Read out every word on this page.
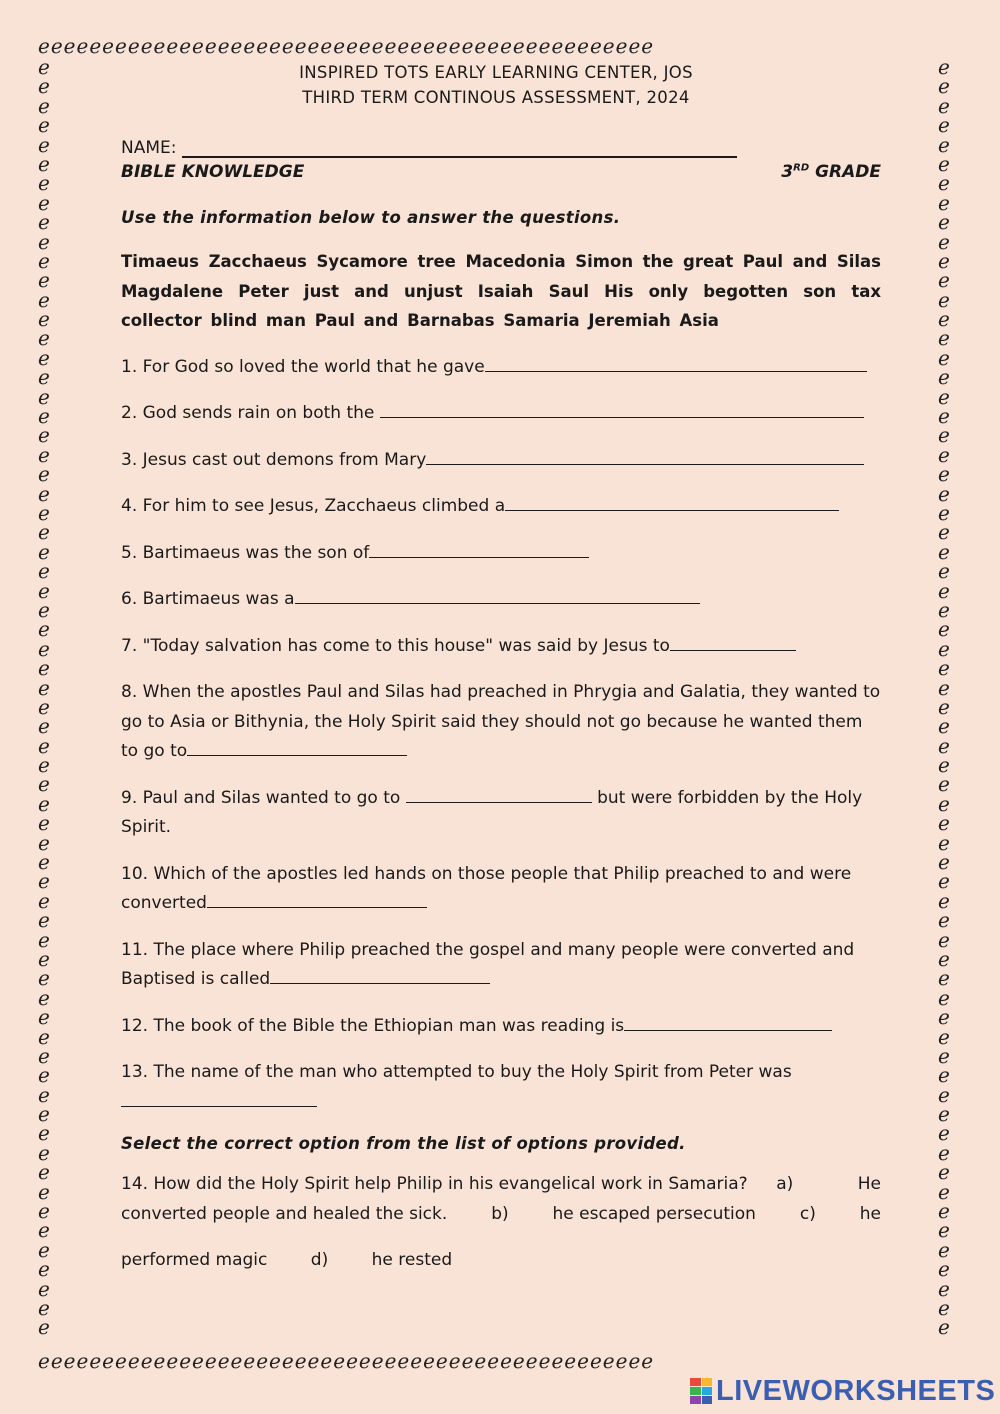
ℯℯℯℯℯℯℯℯℯℯℯℯℯℯℯℯℯℯℯℯℯℯℯℯℯℯℯℯℯℯℯℯℯℯℯℯℯℯℯℯℯℯℯℯℯℯℯℯ
ℯℯℯℯℯℯℯℯℯℯℯℯℯℯℯℯℯℯℯℯℯℯℯℯℯℯℯℯℯℯℯℯℯℯℯℯℯℯℯℯℯℯℯℯℯℯℯℯ
ℯ
ℯ
ℯ
ℯ
ℯ
ℯ
ℯ
ℯ
ℯ
ℯ
ℯ
ℯ
ℯ
ℯ
ℯ
ℯ
ℯ
ℯ
ℯ
ℯ
ℯ
ℯ
ℯ
ℯ
ℯ
ℯ
ℯ
ℯ
ℯ
ℯ
ℯ
ℯ
ℯ
ℯ
ℯ
ℯ
ℯ
ℯ
ℯ
ℯ
ℯ
ℯ
ℯ
ℯ
ℯ
ℯ
ℯ
ℯ
ℯ
ℯ
ℯ
ℯ
ℯ
ℯ
ℯ
ℯ
ℯ
ℯ
ℯ
ℯ
ℯ
ℯ
ℯ
ℯ
ℯ
ℯ
ℯ
ℯ
ℯ
ℯ
ℯ
ℯ
ℯ
ℯ
ℯ
ℯ
ℯ
ℯ
ℯ
ℯ
ℯ
ℯ
ℯ
ℯ
ℯ
ℯ
ℯ
ℯ
ℯ
ℯ
ℯ
ℯ
ℯ
ℯ
ℯ
ℯ
ℯ
ℯ
ℯ
ℯ
ℯ
ℯ
ℯ
ℯ
ℯ
ℯ
ℯ
ℯ
ℯ
ℯ
ℯ
ℯ
ℯ
ℯ
ℯ
ℯ
ℯ
ℯ
ℯ
ℯ
ℯ
ℯ
ℯ
ℯ
ℯ
ℯ
ℯ
ℯ
ℯ
ℯ
ℯ
ℯ
INSPIRED TOTS EARLY LEARNING CENTER, JOS
THIRD TERM CONTINOUS ASSESSMENT, 2024
NAME:
BIBLE KNOWLEDGE	3RD GRADE
Use the information below to answer the questions.
Timaeus Zacchaeus Sycamore tree Macedonia Simon the great Paul and Silas Magdalene Peter just and unjust Isaiah Saul His only begotten son tax collector blind man Paul and Barnabas Samaria Jeremiah Asia
1. For God so loved the world that he gave
2. God sends rain on both the
3. Jesus cast out demons from Mary
4. For him to see Jesus, Zacchaeus climbed a
5. Bartimaeus was the son of
6. Bartimaeus was a
7. "Today salvation has come to this house" was said by Jesus to
8. When the apostles Paul and Silas had preached in Phrygia and Galatia, they wanted to go to Asia or Bithynia, the Holy Spirit said they should not go because he wanted them to go to
9. Paul and Silas wanted to go to	but were forbidden by the Holy Spirit.
10. Which of the apostles led hands on those people that Philip preached to and were converted
11. The place where Philip preached the gospel and many people were converted and Baptised is called
12. The book of the Bible the Ethiopian man was reading is
13. The name of the man who attempted to buy the Holy Spirit from Peter was
Select the correct option from the list of options provided.
14. How did the Holy Spirit help Philip in his evangelical work in Samaria? a)	He
converted people and healed the sick.	b)	he escaped persecution	c)	he
performed magic	d)	he rested
LIVEWORKSHEETS
